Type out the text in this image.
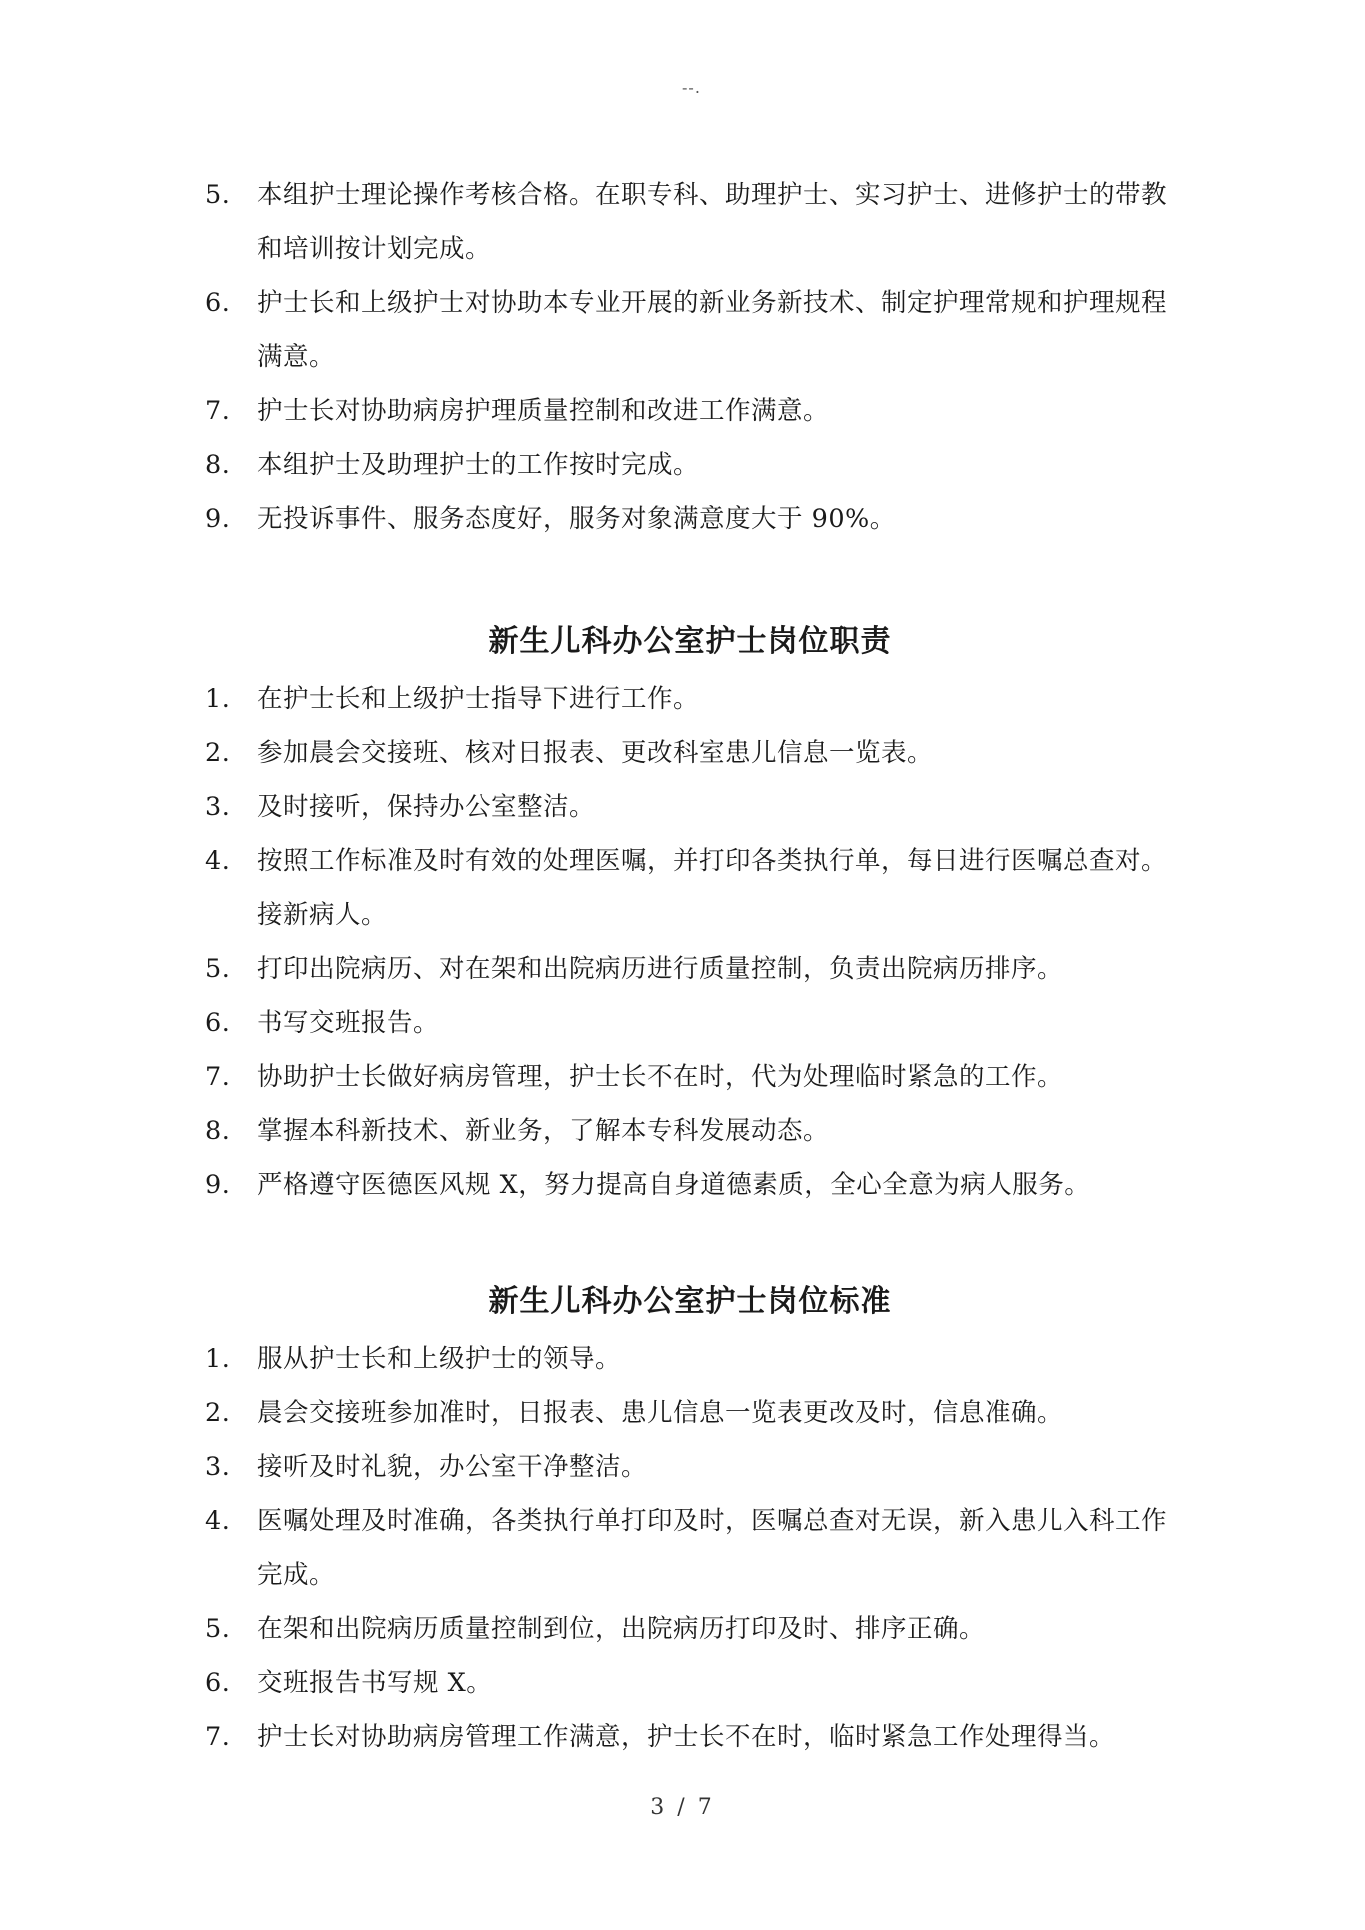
--.
5. 本组护士理论操作考核合格。在职专科、助理护士、实习护士、进修护士的带教和培训按计划完成。
6. 护士长和上级护士对协助本专业开展的新业务新技术、制定护理常规和护理规程满意。
7. 护士长对协助病房护理质量控制和改进工作满意。
8. 本组护士及助理护士的工作按时完成。
9. 无投诉事件、服务态度好，服务对象满意度大于 90%。
新生儿科办公室护士岗位职责
1. 在护士长和上级护士指导下进行工作。
2. 参加晨会交接班、核对日报表、更改科室患儿信息一览表。
3. 及时接听，保持办公室整洁。
4. 按照工作标准及时有效的处理医嘱，并打印各类执行单，每日进行医嘱总查对。接新病人。
5. 打印出院病历、对在架和出院病历进行质量控制，负责出院病历排序。
6. 书写交班报告。
7. 协助护士长做好病房管理，护士长不在时，代为处理临时紧急的工作。
8. 掌握本科新技术、新业务，了解本专科发展动态。
9. 严格遵守医德医风规 X，努力提高自身道德素质，全心全意为病人服务。
新生儿科办公室护士岗位标准
1. 服从护士长和上级护士的领导。
2. 晨会交接班参加准时，日报表、患儿信息一览表更改及时，信息准确。
3. 接听及时礼貌，办公室干净整洁。
4. 医嘱处理及时准确，各类执行单打印及时，医嘱总查对无误，新入患儿入科工作完成。
5. 在架和出院病历质量控制到位，出院病历打印及时、排序正确。
6. 交班报告书写规 X。
7. 护士长对协助病房管理工作满意，护士长不在时，临时紧急工作处理得当。
3 / 7
